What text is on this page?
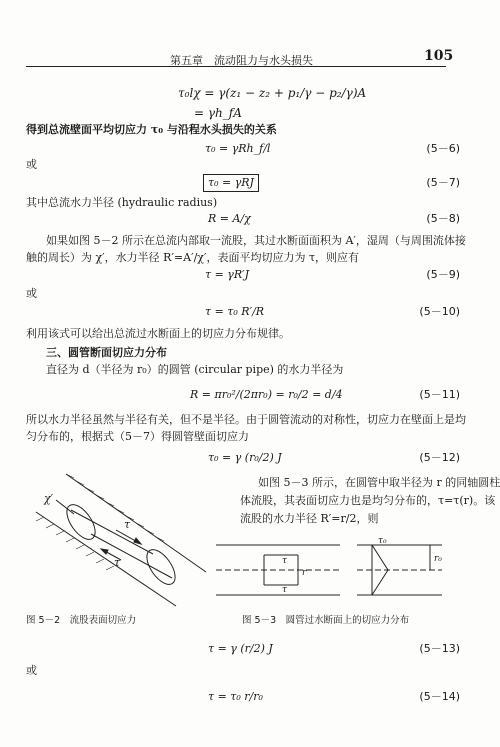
第五章　流动阻力与水头损失	105
τ₀lχ = γ(z₁ − z₂ + p₁/γ − p₂/γ)A
= γh_fA
得到总流壁面平均切应力 τ₀ 与沿程水头损失的关系
τ₀ = γRh_f/l	(5－6)
或
τ₀ = γRJ	(5－7)
其中总流水力半径 (hydraulic radius)
R = A/χ	(5－8)
如果如图 5－2 所示在总流内部取一流股，其过水断面面积为 A′，湿周（与周围流体接
触的周长）为 χ′，水力半径 R′=A′/χ′，表面平均切应力为 τ，则应有
τ = γR′J	(5－9)
或
τ = τ₀ R′/R	(5－10)
利用该式可以给出总流过水断面上的切应力分布规律。
三、圆管断面切应力分布
直径为 d（半径为 r₀）的圆管 (circular pipe) 的水力半径为
R = πr₀²/(2πr₀) = r₀/2 = d/4	(5－11)
所以水力半径虽然与半径有关，但不是半径。由于圆管流动的对称性，切应力在壁面上是均
匀分布的，根据式（5－7）得圆管壁面切应力
τ₀ = γ (r₀/2) J	(5－12)
如图 5－3 所示，在圆管中取半径为 r 的同轴圆柱
体流股，其表面切应力也是均匀分布的，τ=τ(r)。该
流股的水力半径 R′=r/2，则
χ′
τ
τ	τ
τ
r
τ₀
r₀
图 5－2　流股表面切应力	图 5－3　圆管过水断面上的切应力分布
τ = γ (r/2) J	(5－13)
或
τ = τ₀ r/r₀	(5－14)
